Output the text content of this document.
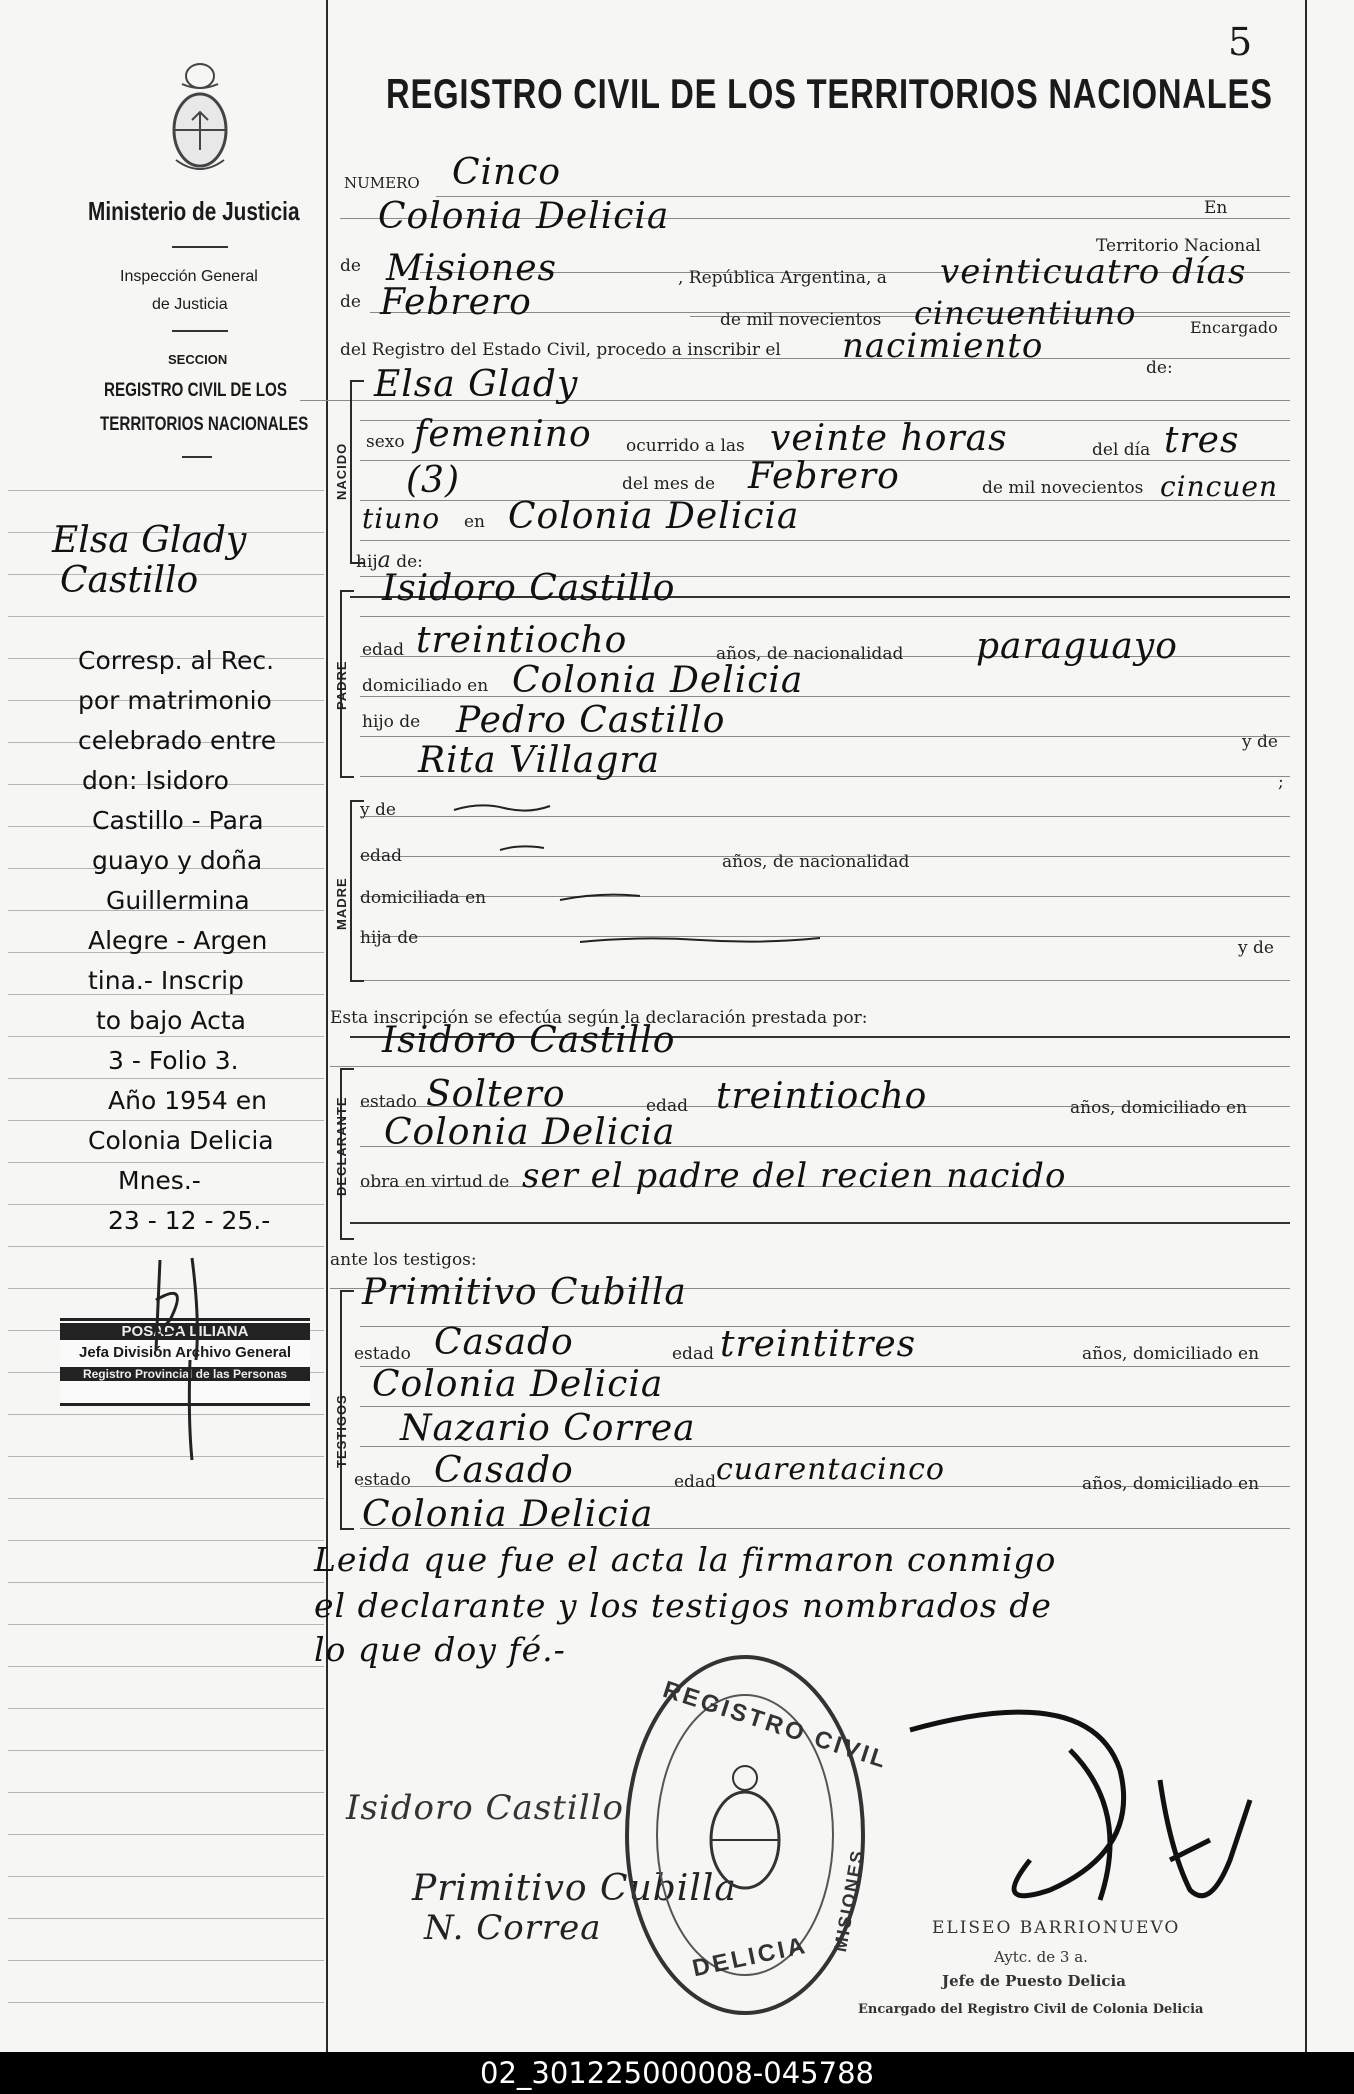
5
REGISTRO CIVIL DE LOS TERRITORIOS NACIONALES
Ministerio de Justicia
Inspección General
de Justicia
SECCION
REGISTRO CIVIL DE LOS
TERRITORIOS NACIONALES
Elsa Glady
Castillo
Corresp. al Rec.
por matrimonio
celebrado entre
don: Isidoro
Castillo - Para
guayo y doña
Guillermina
Alegre - Argen
tina.- Inscrip
to bajo Acta
3 - Folio 3.
Año 1954 en
Colonia Delicia
Mnes.-
23 - 12 - 25.-
POSADA LILIANA
Jefa División Archivo General
Registro Provincial de las Personas
NUMERO Cinco
Colonia Delicia	En
Territorio Nacional
de Misiones	, República Argentina, a veinticuatro días
de Febrero	de mil novecientos cincuentiuno	Encargado
del Registro del Estado Civil, procedo a inscribir el nacimiento
de:
Elsa Glady
NACIDO
sexo femenino ocurrido a las veinte horas	del día tres
(3)	del mes de Febrero	de mil novecientos cincuen
tiuno en Colonia Delicia
hija de:
PADRE
Isidoro Castillo
edad treintiocho	años, de nacionalidad paraguayo
domiciliado en Colonia Delicia
hijo de Pedro Castillo
y de
Rita Villagra
;
MADRE
y de
edad	años, de nacionalidad
domiciliada en
hija de	y de
Esta inscripción se efectúa según la declaración prestada por:
DECLARANTE
Isidoro Castillo
estado Soltero	edad treintiocho	años, domiciliado en
Colonia Delicia
obra en virtud de ser el padre del recien nacido
ante los testigos:
TESTIGOS
Primitivo Cubilla
estado Casado	edad treintitres	años, domiciliado en
Colonia Delicia
Nazario Correa
estado Casado	edad cuarentacinco	años, domiciliado en
Colonia Delicia
Leida que fue el acta la firmaron conmigo
el declarante y los testigos nombrados de
lo que doy fé.-
Isidoro Castillo
Primitivo Cubilla
N. Correa
REGISTRO CIVIL
DELICIA
MISIONES	ELISEO BARRIONUEVO
Aytc. de 3 a.
Jefe de Puesto Delicia
Encargado del Registro Civil de Colonia Delicia
02_301225000008-045788
